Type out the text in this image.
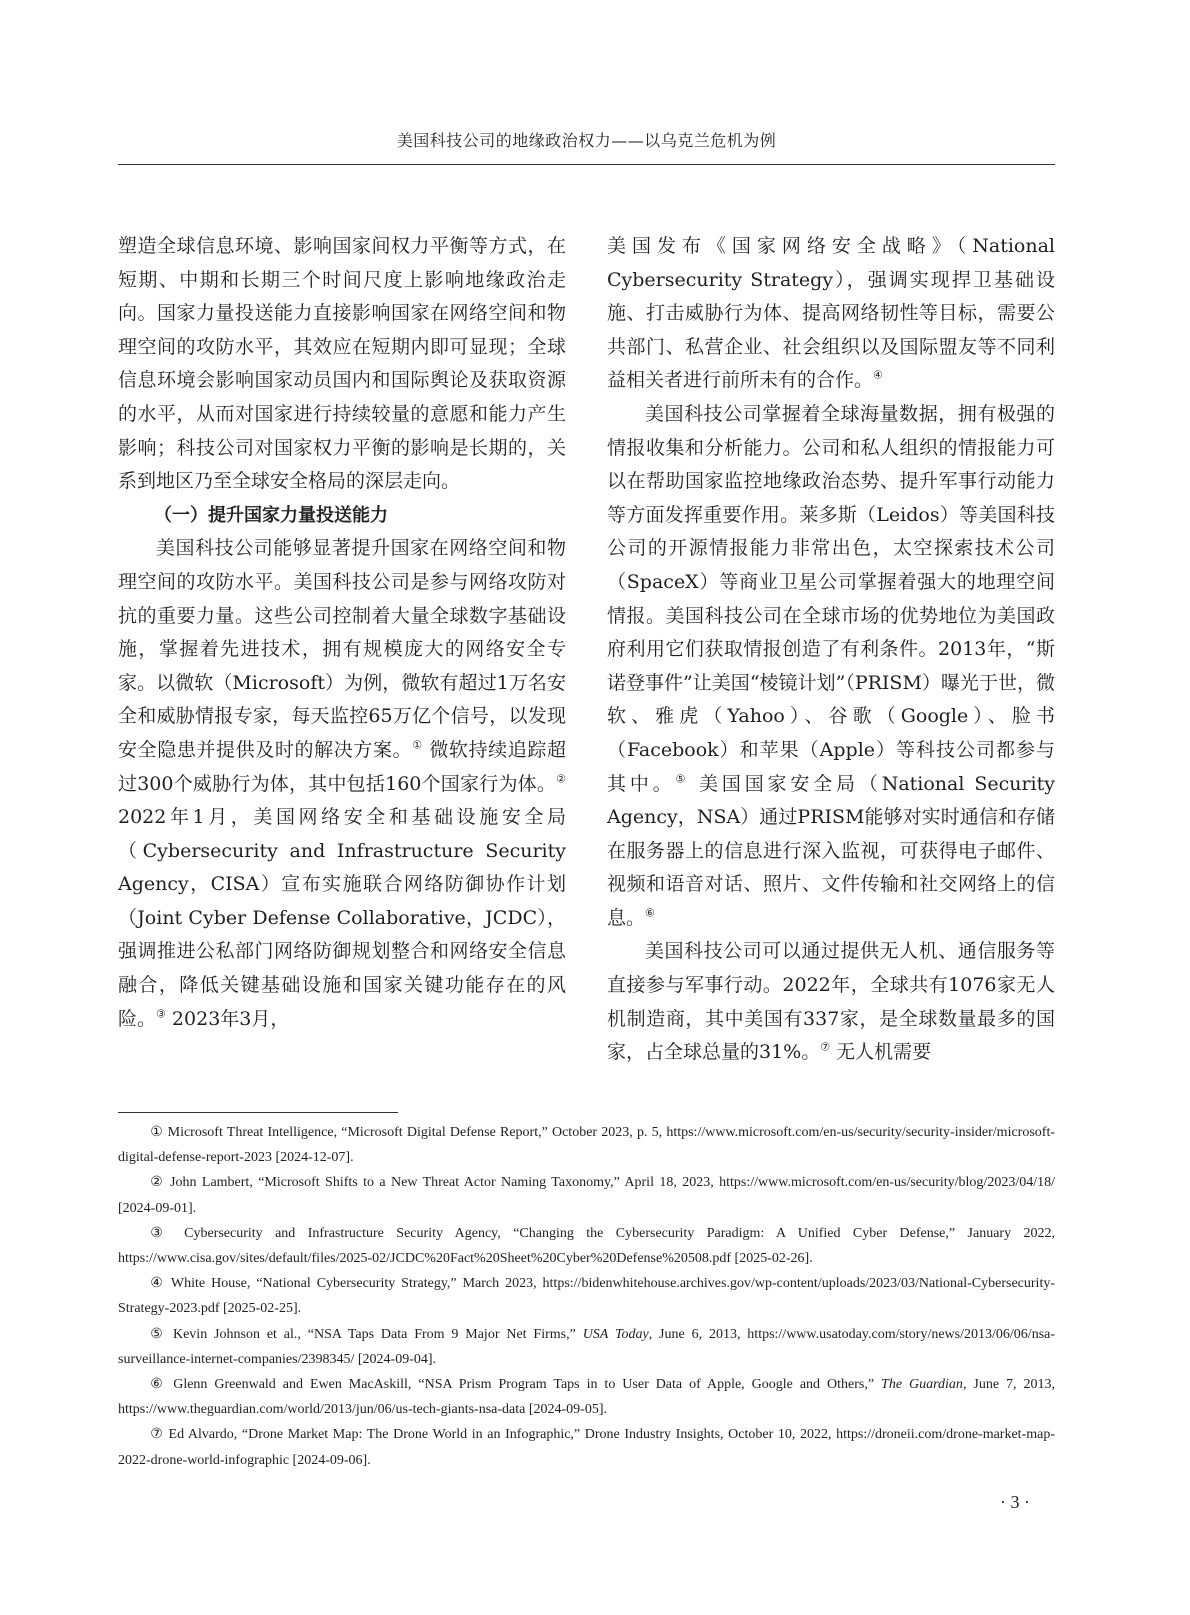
美国科技公司的地缘政治权力——以乌克兰危机为例

塑造全球信息环境、影响国家间权力平衡等方式，在短期、中期和长期三个时间尺度上影响地缘政治走向。国家力量投送能力直接影响国家在网络空间和物理空间的攻防水平，其效应在短期内即可显现；全球信息环境会影响国家动员国内和国际舆论及获取资源的水平，从而对国家进行持续较量的意愿和能力产生影响；科技公司对国家权力平衡的影响是长期的，关系到地区乃至全球安全格局的深层走向。

（一）提升国家力量投送能力

美国科技公司能够显著提升国家在网络空间和物理空间的攻防水平。美国科技公司是参与网络攻防对抗的重要力量。这些公司控制着大量全球数字基础设施，掌握着先进技术，拥有规模庞大的网络安全专家。以微软（Microsoft）为例，微软有超过1万名安全和威胁情报专家，每天监控65万亿个信号，以发现安全隐患并提供及时的解决方案。① 微软持续追踪超过300个威胁行为体，其中包括160个国家行为体。② 2022年1月，美国网络安全和基础设施安全局（Cybersecurity and Infrastructure Security Agency，CISA）宣布实施联合网络防御协作计划（Joint Cyber Defense Collaborative，JCDC），强调推进公私部门网络防御规划整合和网络安全信息融合，降低关键基础设施和国家关键功能存在的风险。③ 2023年3月，

美国发布《国家网络安全战略》（National Cybersecurity Strategy），强调实现捍卫基础设施、打击威胁行为体、提高网络韧性等目标，需要公共部门、私营企业、社会组织以及国际盟友等不同利益相关者进行前所未有的合作。④

美国科技公司掌握着全球海量数据，拥有极强的情报收集和分析能力。公司和私人组织的情报能力可以在帮助国家监控地缘政治态势、提升军事行动能力等方面发挥重要作用。莱多斯（Leidos）等美国科技公司的开源情报能力非常出色，太空探索技术公司（SpaceX）等商业卫星公司掌握着强大的地理空间情报。美国科技公司在全球市场的优势地位为美国政府利用它们获取情报创造了有利条件。2013年，“斯诺登事件”让美国“棱镜计划”（PRISM）曝光于世，微软、雅虎（Yahoo）、谷歌（Google）、脸书（Facebook）和苹果（Apple）等科技公司都参与其中。⑤ 美国国家安全局（National Security Agency，NSA）通过PRISM能够对实时通信和存储在服务器上的信息进行深入监视，可获得电子邮件、视频和语音对话、照片、文件传输和社交网络上的信息。⑥

美国科技公司可以通过提供无人机、通信服务等直接参与军事行动。2022年，全球共有1076家无人机制造商，其中美国有337家，是全球数量最多的国家，占全球总量的31%。⑦ 无人机需要

① Microsoft Threat Intelligence, “Microsoft Digital Defense Report,” October 2023, p. 5, https://www.microsoft.com/en-us/security/security-insider/microsoft-digital-defense-report-2023 [2024-12-07].

② John Lambert, “Microsoft Shifts to a New Threat Actor Naming Taxonomy,” April 18, 2023, https://www.microsoft.com/en-us/security/blog/2023/04/18/ [2024-09-01].

③ Cybersecurity and Infrastructure Security Agency, “Changing the Cybersecurity Paradigm: A Unified Cyber Defense,” January 2022, https://www.cisa.gov/sites/default/files/2025-02/JCDC%20Fact%20Sheet%20Cyber%20Defense%20508.pdf [2025-02-26].

④ White House, “National Cybersecurity Strategy,” March 2023, https://bidenwhitehouse.archives.gov/wp-content/uploads/2023/03/National-Cybersecurity-Strategy-2023.pdf [2025-02-25].

⑤ Kevin Johnson et al., “NSA Taps Data From 9 Major Net Firms,” USA Today, June 6, 2013, https://www.usatoday.com/story/news/2013/06/06/nsa-surveillance-internet-companies/2398345/ [2024-09-04].

⑥ Glenn Greenwald and Ewen MacAskill, “NSA Prism Program Taps in to User Data of Apple, Google and Others,” The Guardian, June 7, 2013, https://www.theguardian.com/world/2013/jun/06/us-tech-giants-nsa-data [2024-09-05].

⑦ Ed Alvardo, “Drone Market Map: The Drone World in an Infographic,” Drone Industry Insights, October 10, 2022, https://droneii.com/drone-market-map-2022-drone-world-infographic [2024-09-06].

· 3 ·
